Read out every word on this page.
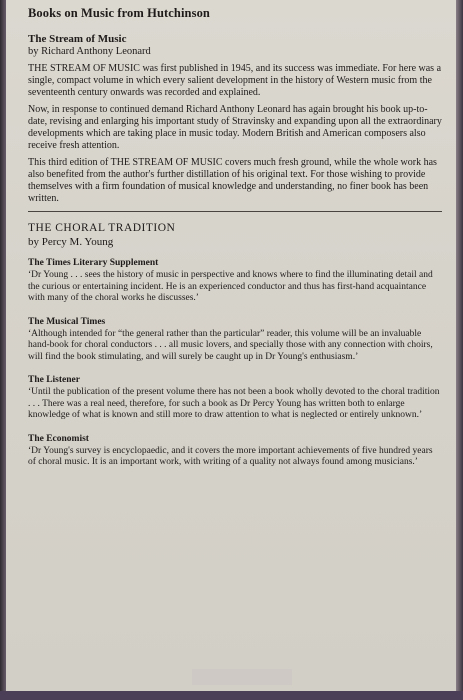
Books on Music from Hutchinson

The Stream of Music

by Richard Anthony Leonard

THE STREAM OF MUSIC was first published in 1945, and its success was immediate. For here was a single, compact volume in which every salient development in the history of Western music from the seventeenth century onwards was recorded and explained.

Now, in response to continued demand Richard Anthony Leonard has again brought his book up-to-date, revising and enlarging his important study of Stravinsky and expanding upon all the extraordinary developments which are taking place in music today. Modern British and American composers also receive fresh attention.

This third edition of THE STREAM OF MUSIC covers much fresh ground, while the whole work has also benefited from the author's further distillation of his original text. For those wishing to provide themselves with a firm foundation of musical knowledge and understanding, no finer book has been written.

THE CHORAL TRADITION

by Percy M. Young

The Times Literary Supplement

‘Dr Young . . . sees the history of music in perspective and knows where to find the illuminating detail and the curious or entertaining incident. He is an experienced conductor and thus has first-hand acquaintance with many of the choral works he discusses.’

The Musical Times

‘Although intended for “the general rather than the particular” reader, this volume will be an invaluable hand-book for choral conductors . . . all music lovers, and specially those with any connection with choirs, will find the book stimulating, and will surely be caught up in Dr Young's enthusiasm.’

The Listener

‘Until the publication of the present volume there has not been a book wholly devoted to the choral tradition . . . There was a real need, therefore, for such a book as Dr Percy Young has written both to enlarge knowledge of what is known and still more to draw attention to what is neglected or entirely unknown.’

The Economist

‘Dr Young's survey is encyclopaedic, and it covers the more important achievements of five hundred years of choral music. It is an important work, with writing of a quality not always found among musicians.’
